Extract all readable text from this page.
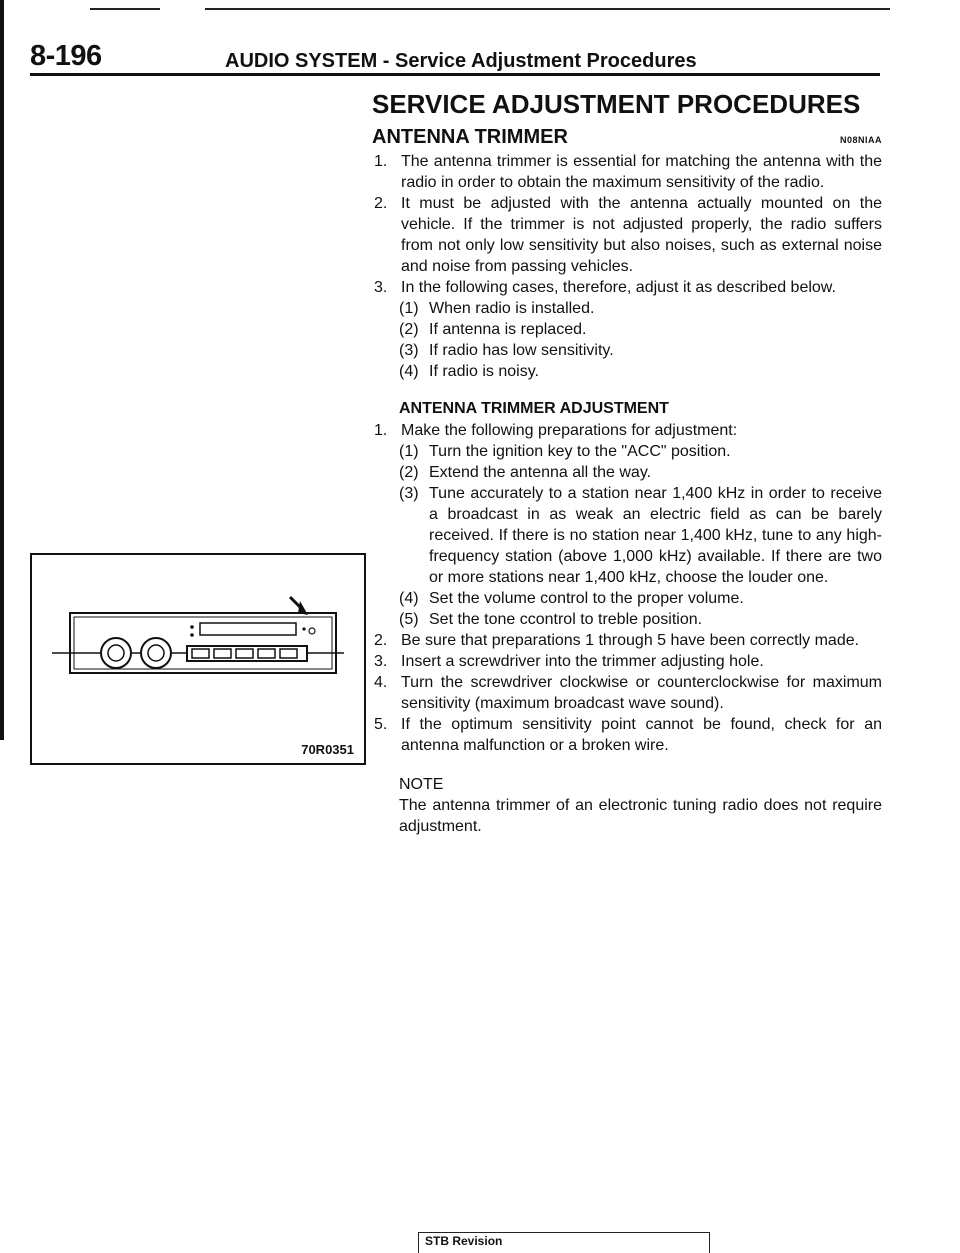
8-196	AUDIO SYSTEM - Service Adjustment Procedures
70R0351
SERVICE ADJUSTMENT PROCEDURES
ANTENNA TRIMMER	N08NIAA
1. The antenna trimmer is essential for matching the antenna with the radio in order to obtain the maximum sensitivity of the radio.
2. It must be adjusted with the antenna actually mounted on the vehicle. If the trimmer is not adjusted properly, the radio suffers from not only low sensitivity but also noises, such as external noise and noise from passing vehicles.
3. In the following cases, therefore, adjust it as described below.
(1) When radio is installed.
(2) If antenna is replaced.
(3) If radio has low sensitivity.
(4) If radio is noisy.
ANTENNA TRIMMER ADJUSTMENT
1. Make the following preparations for adjustment:
(1) Turn the ignition key to the "ACC" position.
(2) Extend the antenna all the way.
(3) Tune accurately to a station near 1,400 kHz in order to receive a broadcast in as weak an electric field as can be barely received. If there is no station near 1,400 kHz, tune to any high-frequency station (above 1,000 kHz) available. If there are two or more stations near 1,400 kHz, choose the louder one.
(4) Set the volume control to the proper volume.
(5) Set the tone ccontrol to treble position.
2. Be sure that preparations 1 through 5 have been correctly made.
3. Insert a screwdriver into the trimmer adjusting hole.
4. Turn the screwdriver clockwise or counterclockwise for maximum sensitivity (maximum broadcast wave sound).
5. If the optimum sensitivity point cannot be found, check for an antenna malfunction or a broken wire.
NOTE
The antenna trimmer of an electronic tuning radio does not require adjustment.
STB Revision
